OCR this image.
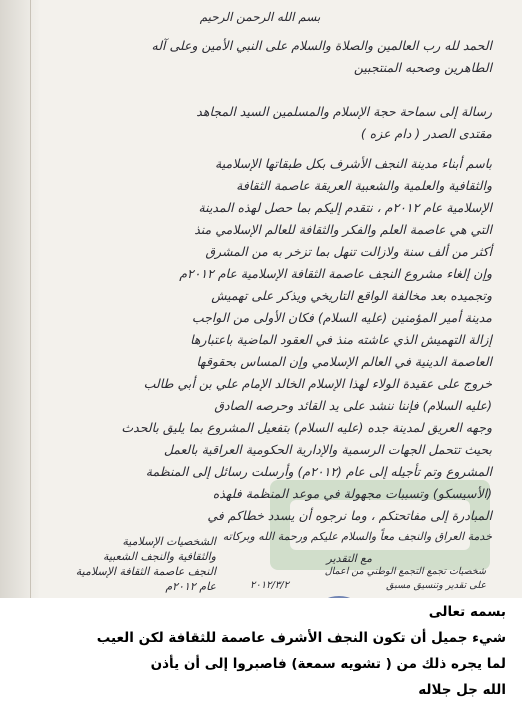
بسم الله الرحمن الرحيم
الحمد لله رب العالمين والصلاة والسلام على النبي الأمين وعلى آله
الطاهرين وصحبه المنتجبين
رسالة إلى سماحة حجة الإسلام والمسلمين السيد المجاهد
مقتدى الصدر ( دام عزه )
باسم أبناء مدينة النجف الأشرف بكل طبقاتها الإسلامية
والثقافية والعلمية والشعبية العريقة عاصمة الثقافة
الإسلامية عام ٢٠١٢م ، نتقدم إليكم بما حصل لهذه المدينة
التي هي عاصمة العلم والفكر والثقافة للعالم الإسلامي منذ
أكثر من ألف سنة ولازالت تنهل بما تزخر به من المشرق
وإن إلغاء مشروع النجف عاصمة الثقافة الإسلامية عام ٢٠١٢م
وتجميده بعد مخالفة الواقع التاريخي ويذكر على تهميش
مدينة أمير المؤمنين (عليه السلام) فكان الأولى من الواجب
إزالة التهميش الذي عاشته منذ في العقود الماضية باعتبارها
العاصمة الدينية في العالم الإسلامي وإن المساس بحقوقها
خروج على عقيدة الولاء لهذا الإسلام الخالد الإمام علي بن أبي طالب
(عليه السلام) فإننا ننشد على يد القائد وحرصه الصادق
وجهه العريق لمدينة جده (عليه السلام) بتفعيل المشروع بما يليق بالحدث
بحيث تتحمل الجهات الرسمية والإدارية الحكومية العراقية بالعمل
المشروع وتم تأجيله إلى عام (٢٠١٢م) وأرسلت رسائل إلى المنظمة
(الأسيسكو) وتسببات مجهولة في موعد المنظمة فلهذه
المبادرة إلى مفاتحتكم ، وما نرجوه أن يسدد خطاكم في
خدمة العراق والنجف معاً والسلام عليكم ورحمة الله وبركاته
مع التقدير
شخصيات تجمع التجمع الوطني من اعمال
على تقدير وتنسيق مسبق
الشخصيات الإسلامية
والثقافية والنجف الشعبية
النجف عاصمة الثقافة الإسلامية
عام ٢٠١٢م	٢٠١٢/٣/٢
بسمه تعالى
شيء جميل أن تكون النجف الأشرف عاصمة للثقافة لكن العيب
لما يجره ذلك من ( تشويه سمعة) فاصبروا إلى أن يأذن
الله جل جلاله
